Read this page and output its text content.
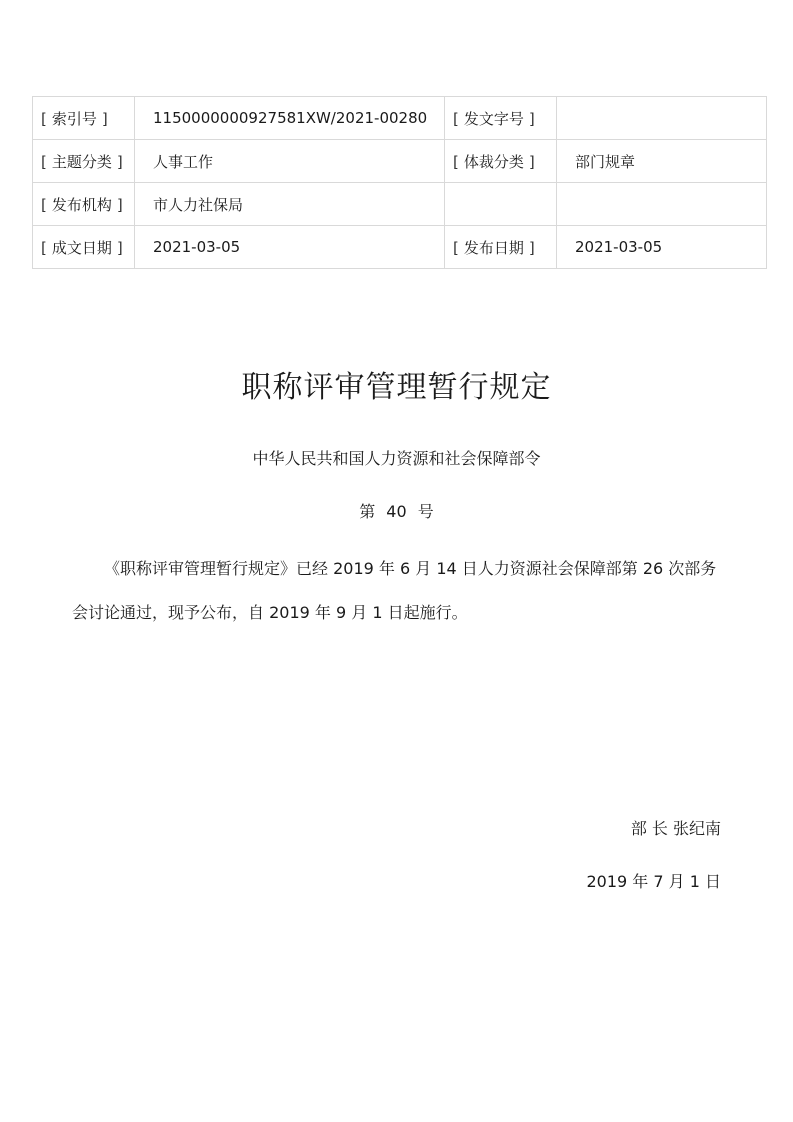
[ 索引号 ]	1150000000927581XW/2021-00280	[ 发文字号 ]	
[ 主题分类 ]	人事工作	[ 体裁分类 ]	部门规章
[ 发布机构 ]	市人力社保局		
[ 成文日期 ]	2021-03-05	[ 发布日期 ]	2021-03-05
职称评审管理暂行规定
中华人民共和国人力资源和社会保障部令
第 40 号

《职称评审管理暂行规定》已经 2019 年 6 月 14 日人力资源社会保障部第 26 次部务会讨论通过，现予公布，自 2019 年 9 月 1 日起施行。

部 长 张纪南
2019 年 7 月 1 日
